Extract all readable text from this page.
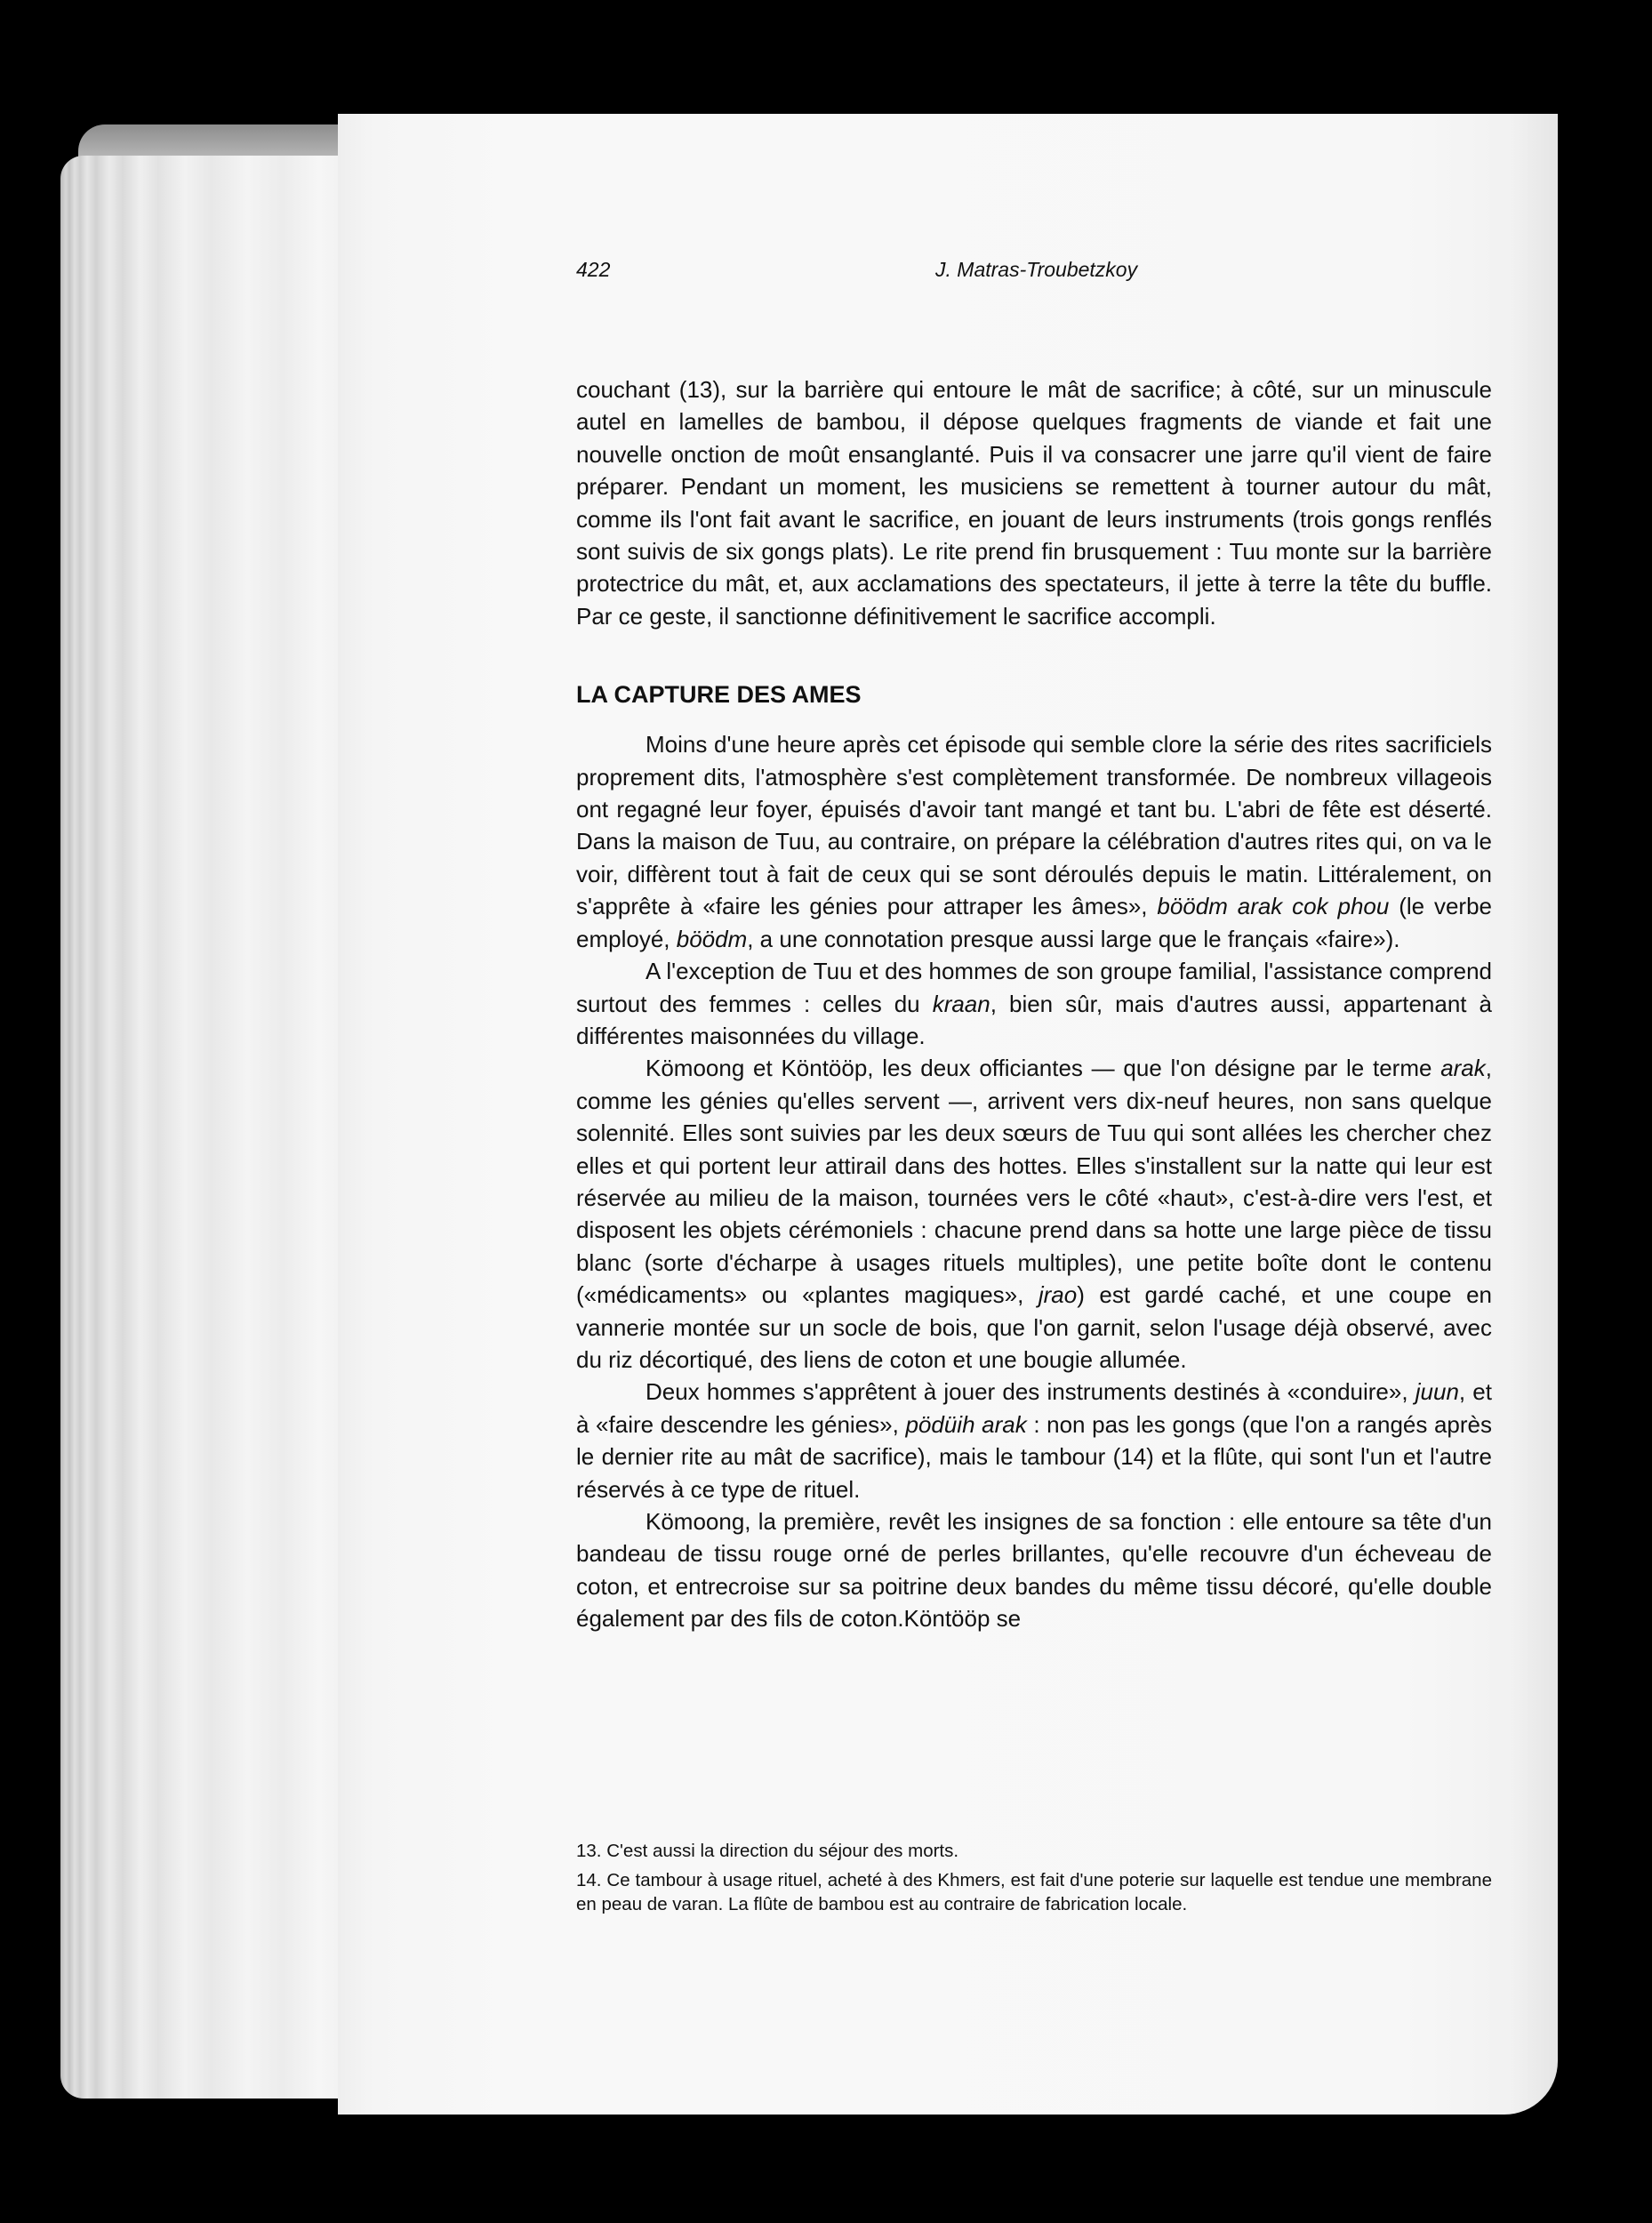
422	J. Matras-Troubetzkoy

couchant (13), sur la barrière qui entoure le mât de sacrifice; à côté, sur un minuscule autel en lamelles de bambou, il dépose quelques fragments de viande et fait une nouvelle onction de moût ensanglanté. Puis il va consacrer une jarre qu'il vient de faire préparer. Pendant un moment, les musiciens se remettent à tourner autour du mât, comme ils l'ont fait avant le sacrifice, en jouant de leurs instruments (trois gongs renflés sont suivis de six gongs plats). Le rite prend fin brusquement : Tuu monte sur la barrière protectrice du mât, et, aux acclamations des spectateurs, il jette à terre la tête du buffle. Par ce geste, il sanctionne définitivement le sacrifice accompli.

LA CAPTURE DES AMES

Moins d'une heure après cet épisode qui semble clore la série des rites sacrificiels proprement dits, l'atmosphère s'est complètement transformée. De nombreux villageois ont regagné leur foyer, épuisés d'avoir tant mangé et tant bu. L'abri de fête est déserté. Dans la maison de Tuu, au contraire, on prépare la célébration d'autres rites qui, on va le voir, diffèrent tout à fait de ceux qui se sont déroulés depuis le matin. Littéralement, on s'apprête à «faire les génies pour attraper les âmes», böödm arak cok phou (le verbe employé, böödm, a une connotation presque aussi large que le français «faire»).

A l'exception de Tuu et des hommes de son groupe familial, l'assistance comprend surtout des femmes : celles du kraan, bien sûr, mais d'autres aussi, appartenant à différentes maisonnées du village.

Kömoong et Köntööp, les deux officiantes — que l'on désigne par le terme arak, comme les génies qu'elles servent —, arrivent vers dix-neuf heures, non sans quelque solennité. Elles sont suivies par les deux sœurs de Tuu qui sont allées les chercher chez elles et qui portent leur attirail dans des hottes. Elles s'installent sur la natte qui leur est réservée au milieu de la maison, tournées vers le côté «haut», c'est-à-dire vers l'est, et disposent les objets cérémoniels : chacune prend dans sa hotte une large pièce de tissu blanc (sorte d'écharpe à usages rituels multiples), une petite boîte dont le contenu («médicaments» ou «plantes magiques», jrao) est gardé caché, et une coupe en vannerie montée sur un socle de bois, que l'on garnit, selon l'usage déjà observé, avec du riz décortiqué, des liens de coton et une bougie allumée.

Deux hommes s'apprêtent à jouer des instruments destinés à «conduire», juun, et à «faire descendre les génies», pödüih arak : non pas les gongs (que l'on a rangés après le dernier rite au mât de sacrifice), mais le tambour (14) et la flûte, qui sont l'un et l'autre réservés à ce type de rituel.

Kömoong, la première, revêt les insignes de sa fonction : elle entoure sa tête d'un bandeau de tissu rouge orné de perles brillantes, qu'elle recouvre d'un écheveau de coton, et entrecroise sur sa poitrine deux bandes du même tissu décoré, qu'elle double également par des fils de coton.Köntööp se

13. C'est aussi la direction du séjour des morts.

14. Ce tambour à usage rituel, acheté à des Khmers, est fait d'une poterie sur laquelle est tendue une membrane en peau de varan. La flûte de bambou est au contraire de fabrication locale.
